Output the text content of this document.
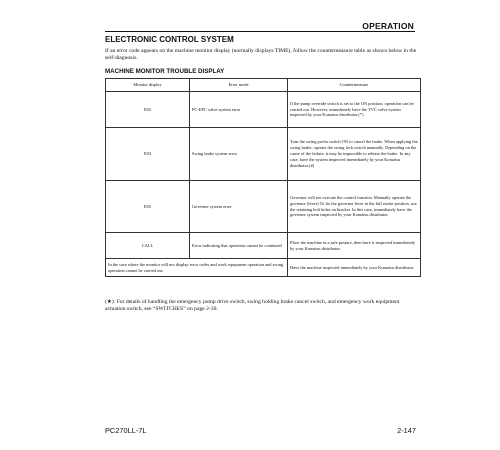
OPERATION
ELECTRONIC CONTROL SYSTEM
If an error code appears on the machine monitor display (normally displays TIME), follow the countermeasure table as shown below in the self-diagnosis.
MACHINE MONITOR TROUBLE DISPLAY
Monitor display	Error mode	Countermeasure
E02	PC-EPC valve system error	If the pump override switch is set to the ON position, operation can be carried out. However, immediately have the TVC valve system inspected by your Komatsu distributor.(*)
E03	Swing brake system error	Turn the swing prolix switch ON to cancel the brake. When applying the swing brake, operate the swing lock switch manually. Depending on the cause of the failure, it may be impossible to release the brake. In any case, have the system inspected immediately by your Komatsu distributor.(#)
E05	Governor system error	Governor will not execute the control function. Manually operate the governor (lever) To fix the governor lever in the full stroke position, use the retaining bolt holes on bracket. In this case, immediately have the governor system inspected by your Komatsu distributor.
CALL	Error indicating that operation cannot be continued	Place the machine in a safe posture, then have it inspected immediately by your Komatsu distributor.
In the case where the monitor will not display error codes and work equipment operation and swing operation cannot be carried out.		Have the machine inspected immediately by your Komatsu distributor.
(★): For details of handling the emergency pump drive switch, swing holding brake cancel switch, and emergency work equipment actuation switch, see “SWITCHES” on page 2-30.
PC270LL-7L	2-147
